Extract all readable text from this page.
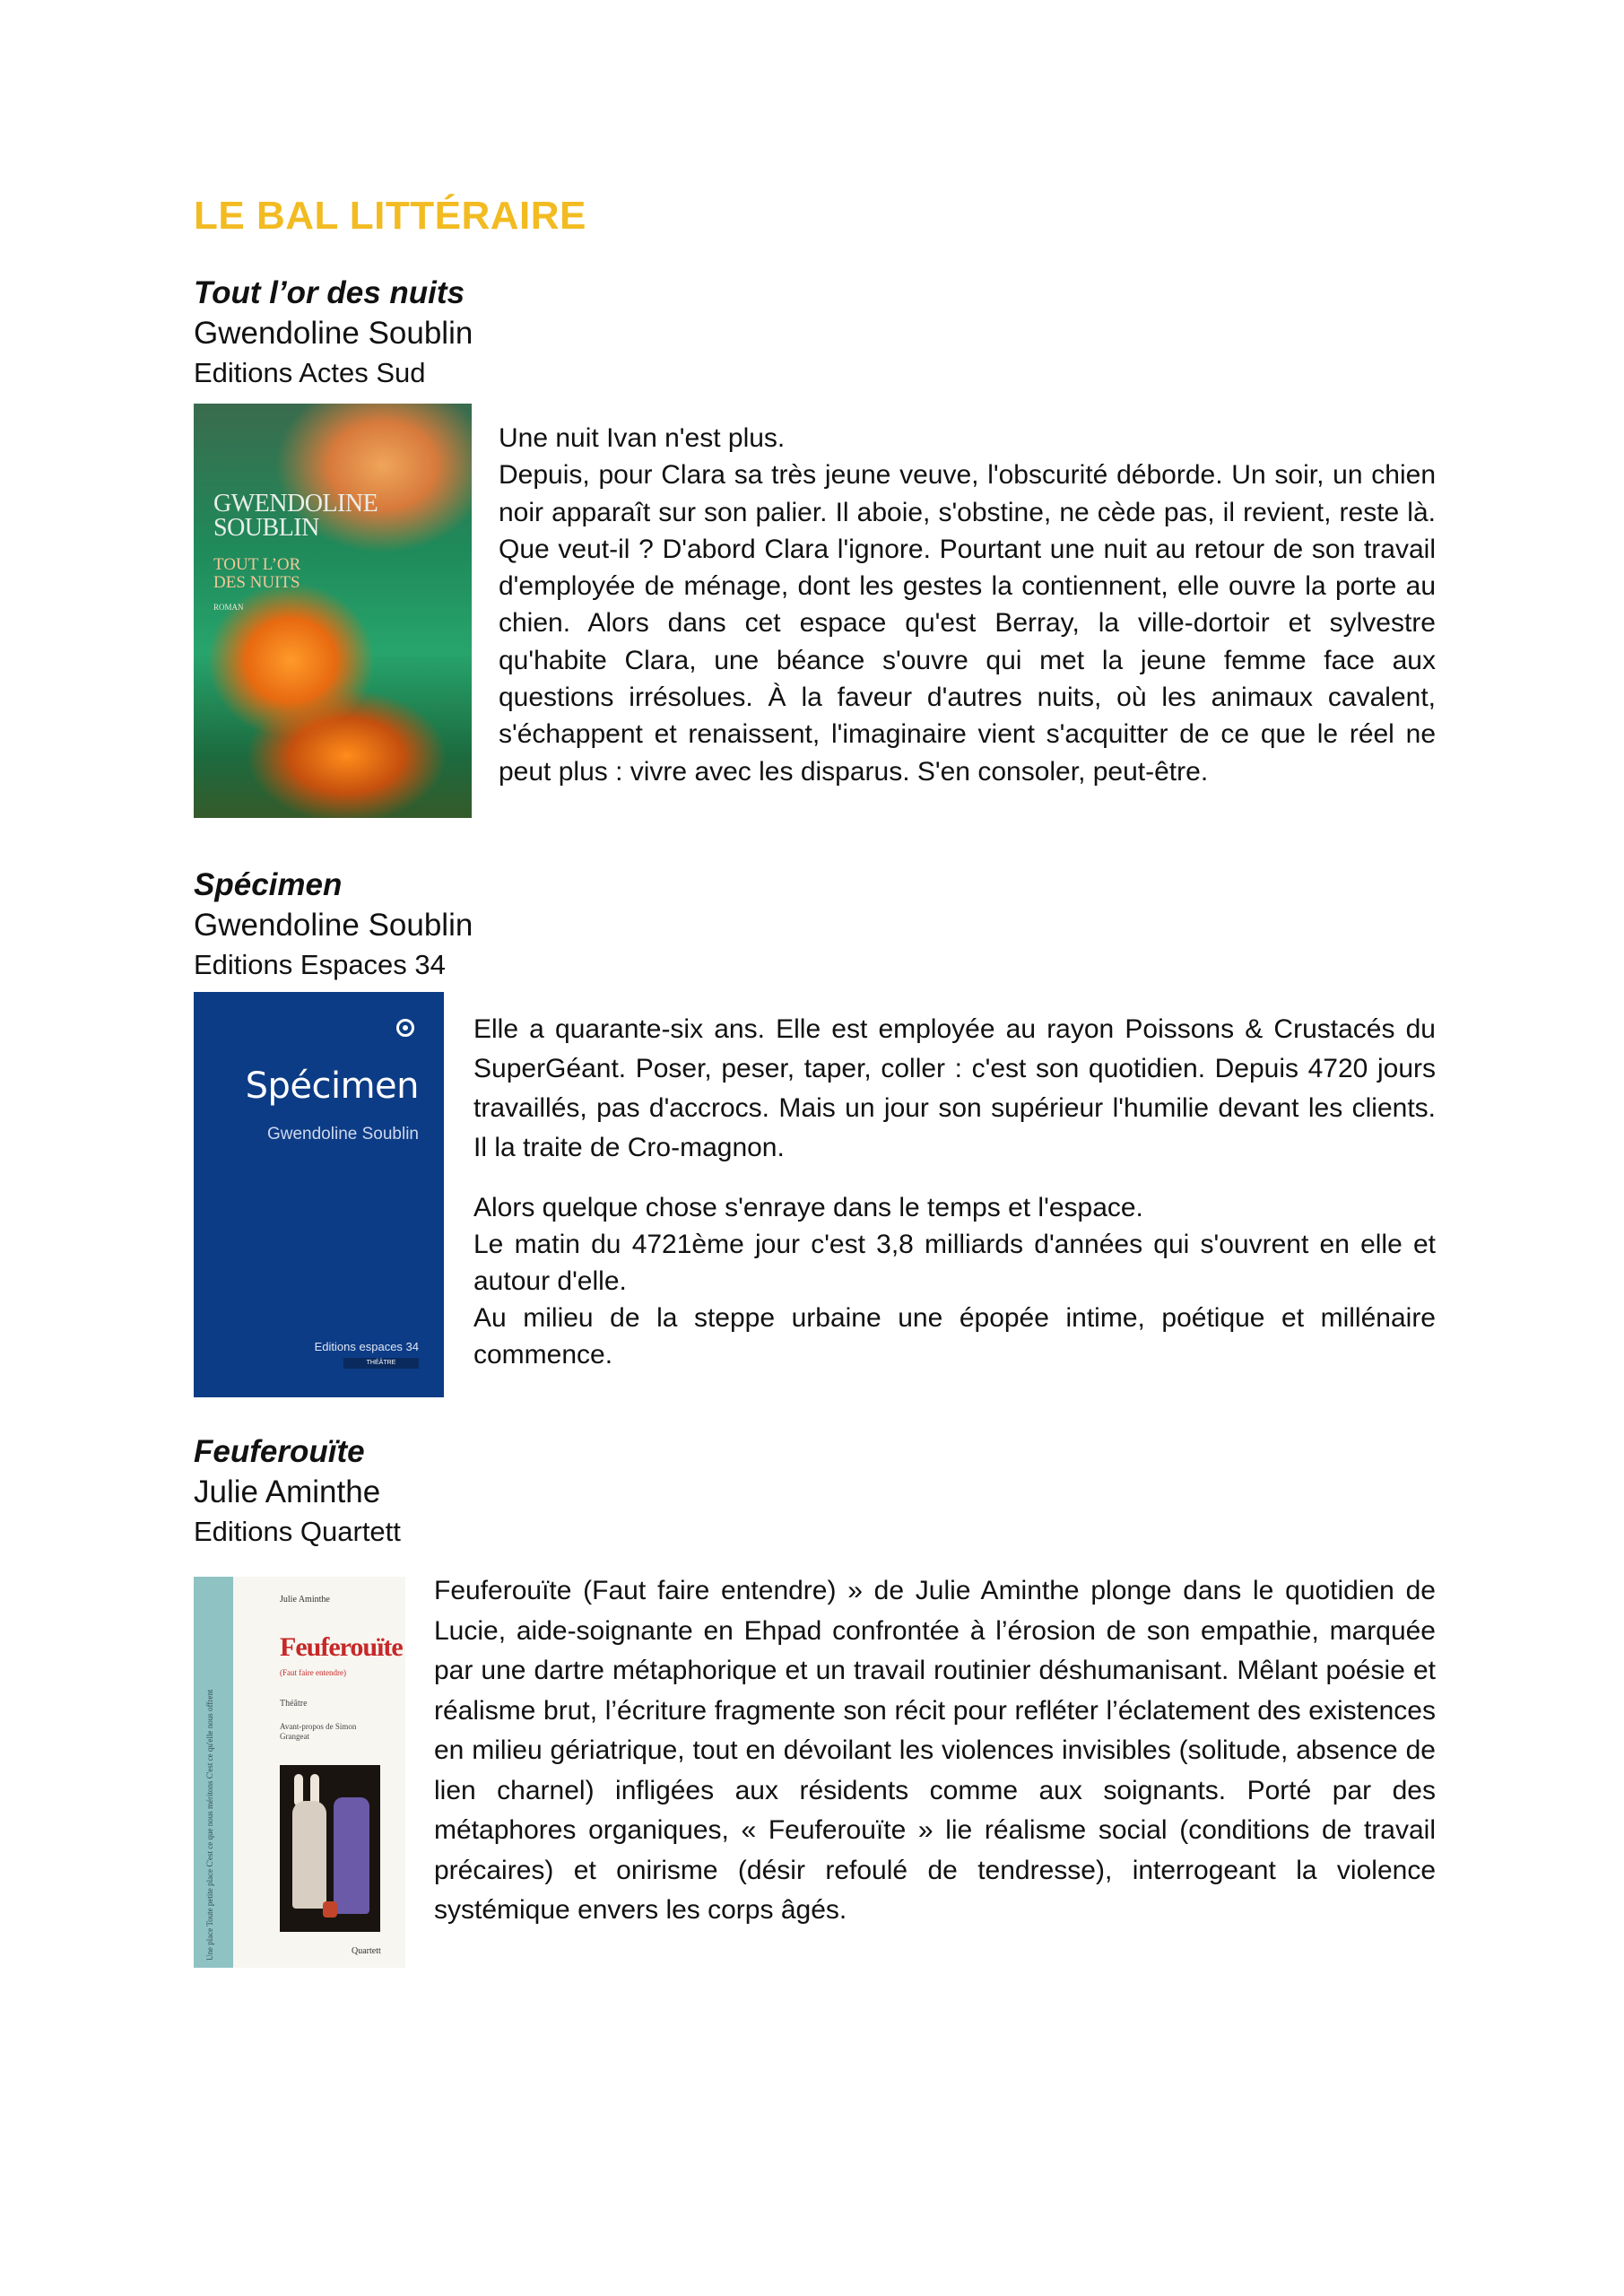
LE BAL LITTÉRAIRE
Tout l’or des nuits
Gwendoline Soublin
Editions Actes Sud
GWENDOLINE SOUBLIN
TOUT L’OR DES NUITS
ROMAN

Une nuit Ivan n'est plus.

Depuis, pour Clara sa très jeune veuve, l'obscurité déborde. Un soir, un chien noir apparaît sur son palier. Il aboie, s'obstine, ne cède pas, il revient, reste là. Que veut-il ? D'abord Clara l'ignore. Pourtant une nuit au retour de son travail d'employée de ménage, dont les gestes la contiennent, elle ouvre la porte au chien. Alors dans cet espace qu'est Berray, la ville-dortoir et sylvestre qu'habite Clara, une béance s'ouvre qui met la jeune femme face aux questions irrésolues. À la faveur d'autres nuits, où les animaux cavalent, s'échappent et renaissent, l'imaginaire vient s'acquitter de ce que le réel ne peut plus : vivre avec les disparus. S'en consoler, peut-être.

Spécimen
Gwendoline Soublin
Editions Espaces 34
Spécimen
Gwendoline Soublin
Editions espaces 34
THÉÂTRE

Elle a quarante-six ans. Elle est employée au rayon Poissons & Crustacés du SuperGéant. Poser, peser, taper, coller : c'est son quotidien. Depuis 4720 jours travaillés, pas d'accrocs. Mais un jour son supérieur l'humilie devant les clients. Il la traite de Cro-magnon.

Alors quelque chose s'enraye dans le temps et l'espace.

Le matin du 4721ème jour c'est 3,8 milliards d'années qui s'ouvrent en elle et autour d'elle.

Au milieu de la steppe urbaine une épopée intime, poétique et millénaire commence.

Feuferouïte
Julie Aminthe
Editions Quartett
Une place Toute petite place C'est ce que nous méritons C'est ce qu'elle nous offrent
Julie Aminthe
Feuferouïte
(Faut faire entendre)
Théâtre
Avant-propos de Simon Grangeat
Quartett

Feuferouïte (Faut faire entendre) » de Julie Aminthe plonge dans le quotidien de Lucie, aide-soignante en Ehpad confrontée à l’érosion de son empathie, marquée par une dartre métaphorique et un travail routinier déshumanisant. Mêlant poésie et réalisme brut, l’écriture fragmente son récit pour refléter l’éclatement des existences en milieu gériatrique, tout en dévoilant les violences invisibles (solitude, absence de lien charnel) infligées aux résidents comme aux soignants. Porté par des métaphores organiques, « Feuferouïte » lie réalisme social (conditions de travail précaires) et onirisme (désir refoulé de tendresse), interrogeant la violence systémique envers les corps âgés.
